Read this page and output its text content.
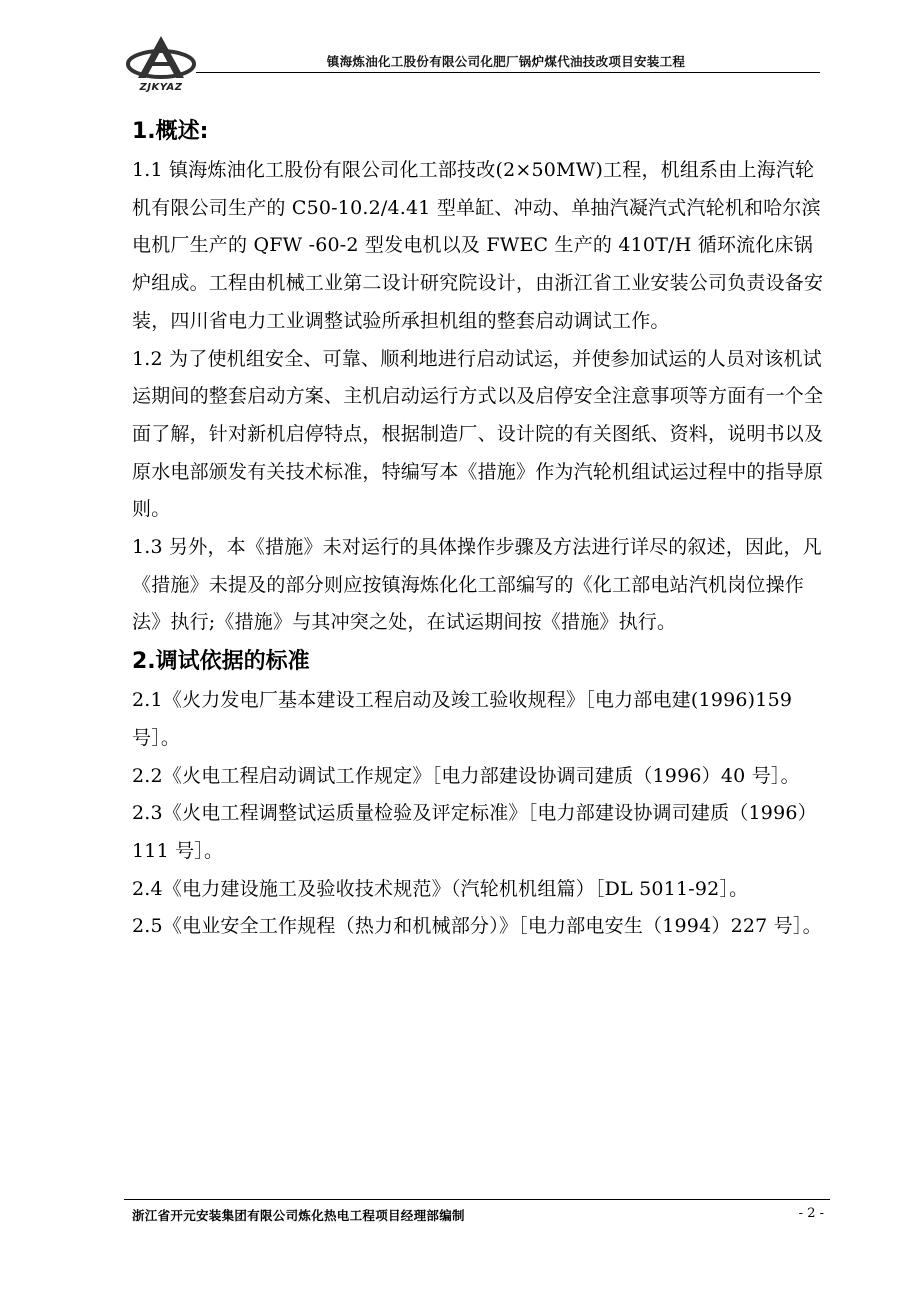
ZJKYAZ
镇海炼油化工股份有限公司化肥厂锅炉煤代油技改项目安装工程
1.概述:

1.1 镇海炼油化工股份有限公司化工部技改(2×50MW)工程，机组系由上海汽轮机有限公司生产的 C50-10.2/4.41 型单缸、冲动、单抽汽凝汽式汽轮机和哈尔滨电机厂生产的 QFW -60-2 型发电机以及 FWEC 生产的 410T/H 循环流化床锅炉组成。工程由机械工业第二设计研究院设计，由浙江省工业安装公司负责设备安装，四川省电力工业调整试验所承担机组的整套启动调试工作。

1.2 为了使机组安全、可靠、顺利地进行启动试运，并使参加试运的人员对该机试运期间的整套启动方案、主机启动运行方式以及启停安全注意事项等方面有一个全面了解，针对新机启停特点，根据制造厂、设计院的有关图纸、资料，说明书以及原水电部颁发有关技术标准，特编写本《措施》作为汽轮机组试运过程中的指导原则。

1.3 另外，本《措施》未对运行的具体操作步骤及方法进行详尽的叙述，因此，凡《措施》未提及的部分则应按镇海炼化化工部编写的《化工部电站汽机岗位操作法》执行;《措施》与其冲突之处，在试运期间按《措施》执行。

2.调试依据的标准

2.1《火力发电厂基本建设工程启动及竣工验收规程》［电力部电建(1996)159 号］。

2.2《火电工程启动调试工作规定》［电力部建设协调司建质（1996）40 号］。

2.3《火电工程调整试运质量检验及评定标准》［电力部建设协调司建质（1996）111 号］。

2.4《电力建设施工及验收技术规范》（汽轮机机组篇）［DL 5011-92］。

2.5《电业安全工作规程（热力和机械部分）》［电力部电安生（1994）227 号］。

浙江省开元安装集团有限公司炼化热电工程项目经理部编制	- 2 -
